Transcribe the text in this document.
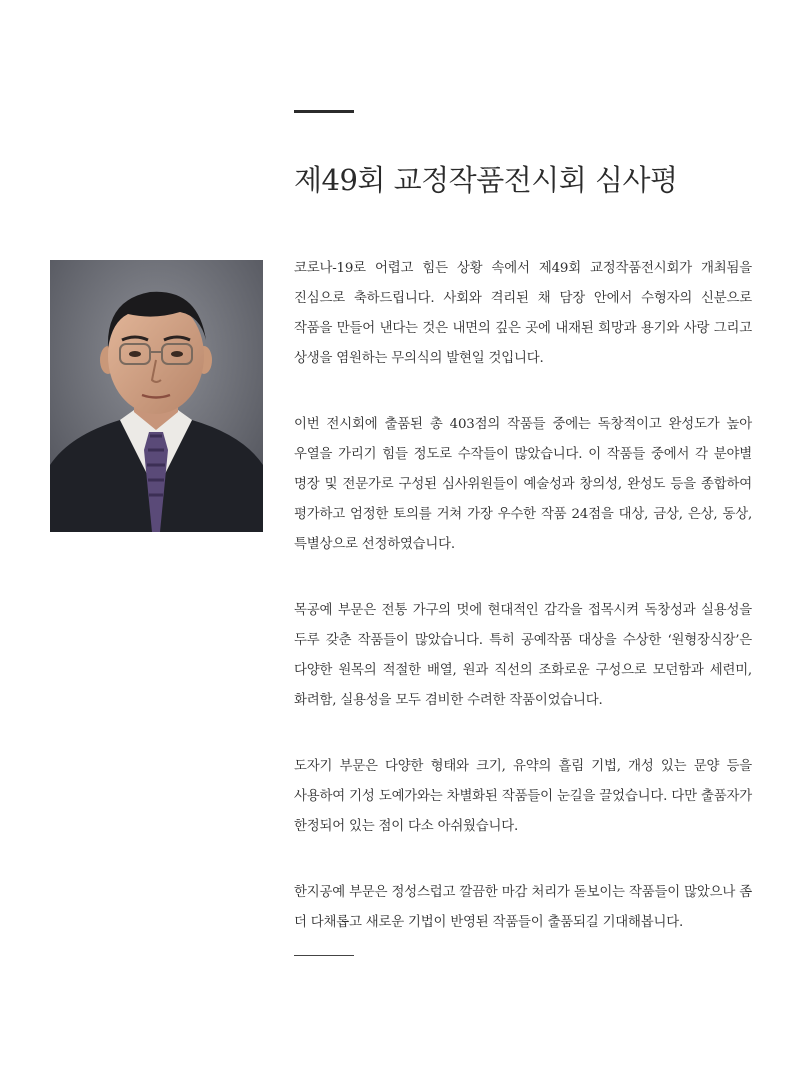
제49회 교정작품전시회 심사평

코로나-19로 어렵고 힘든 상황 속에서 제49회 교정작품전시회가 개최됨을 진심으로 축하드립니다. 사회와 격리된 채 담장 안에서 수형자의 신분으로 작품을 만들어 낸다는 것은 내면의 깊은 곳에 내재된 희망과 용기와 사랑 그리고 상생을 염원하는 무의식의 발현일 것입니다.

이번 전시회에 출품된 총 403점의 작품들 중에는 독창적이고 완성도가 높아 우열을 가리기 힘들 정도로 수작들이 많았습니다. 이 작품들 중에서 각 분야별 명장 및 전문가로 구성된 심사위원들이 예술성과 창의성, 완성도 등을 종합하여 평가하고 엄정한 토의를 거쳐 가장 우수한 작품 24점을 대상, 금상, 은상, 동상, 특별상으로 선정하였습니다.

목공예 부문은 전통 가구의 멋에 현대적인 감각을 접목시켜 독창성과 실용성을 두루 갖춘 작품들이 많았습니다. 특히 공예작품 대상을 수상한 ‘원형장식장’은 다양한 원목의 적절한 배열, 원과 직선의 조화로운 구성으로 모던함과 세련미, 화려함, 실용성을 모두 겸비한 수려한 작품이었습니다.

도자기 부문은 다양한 형태와 크기, 유약의 흘림 기법, 개성 있는 문양 등을 사용하여 기성 도예가와는 차별화된 작품들이 눈길을 끌었습니다. 다만 출품자가 한정되어 있는 점이 다소 아쉬웠습니다.

한지공예 부문은 정성스럽고 깔끔한 마감 처리가 돋보이는 작품들이 많았으나 좀 더 다채롭고 새로운 기법이 반영된 작품들이 출품되길 기대해봅니다.
